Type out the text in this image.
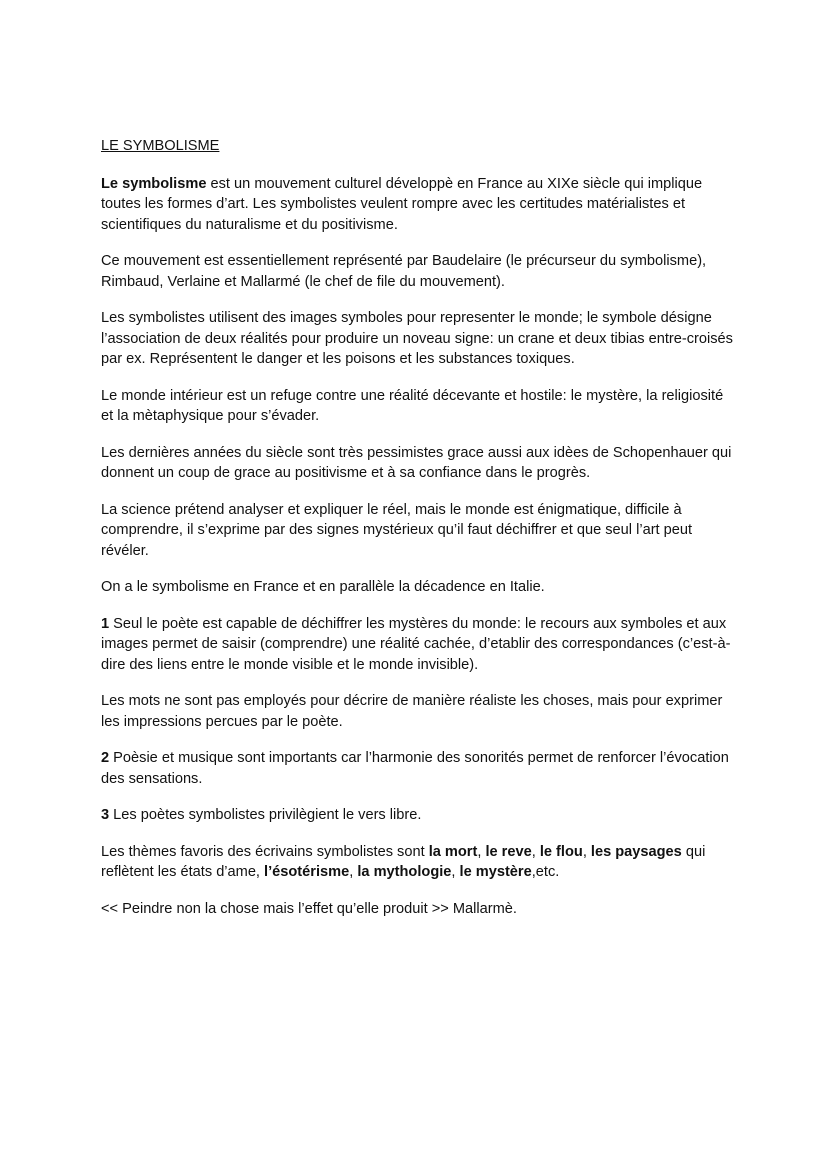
LE SYMBOLISME

Le symbolisme est un mouvement culturel développè en France au XIXe siècle qui implique toutes les formes d’art. Les symbolistes veulent rompre avec les certitudes matérialistes et scientifiques du naturalisme et du positivisme.

Ce mouvement est essentiellement représenté par Baudelaire (le précurseur du symbolisme), Rimbaud, Verlaine et Mallarmé (le chef de file du mouvement).

Les symbolistes utilisent des images symboles pour representer le monde; le symbole désigne l’association de deux réalités pour produire un noveau signe: un crane et deux tibias entre-croisés par ex. Représentent le danger et les poisons et les substances toxiques.

Le monde intérieur est un refuge contre une réalité décevante et hostile: le mystère, la religiosité et la mètaphysique pour s’évader.

Les dernières années du siècle sont très pessimistes grace aussi aux idèes de Schopenhauer qui donnent un coup de grace au positivisme et à sa confiance dans le progrès.

La science prétend analyser et expliquer le réel, mais le monde est énigmatique, difficile à comprendre, il s’exprime par des signes mystérieux qu’il faut déchiffrer et que seul l’art peut révéler.

On a le symbolisme en France et en parallèle la décadence en Italie.

1 Seul le poète est capable de déchiffrer les mystères du monde: le recours aux symboles et aux images permet de saisir (comprendre) une réalité cachée, d’etablir des correspondances (c’est-à- dire des liens entre le monde visible et le monde invisible).

Les mots ne sont pas employés pour décrire de manière réaliste les choses, mais pour exprimer les impressions percues par le poète.

2 Poèsie et musique sont importants car l’harmonie des sonorités permet de renforcer l’évocation des sensations.

3 Les poètes symbolistes privilègient le vers libre.

Les thèmes favoris des écrivains symbolistes sont la mort, le reve, le flou, les paysages qui reflètent les états d’ame, l’ésotérisme, la mythologie, le mystère,etc.

<< Peindre non la chose mais l’effet qu’elle produit >> Mallarmè.
